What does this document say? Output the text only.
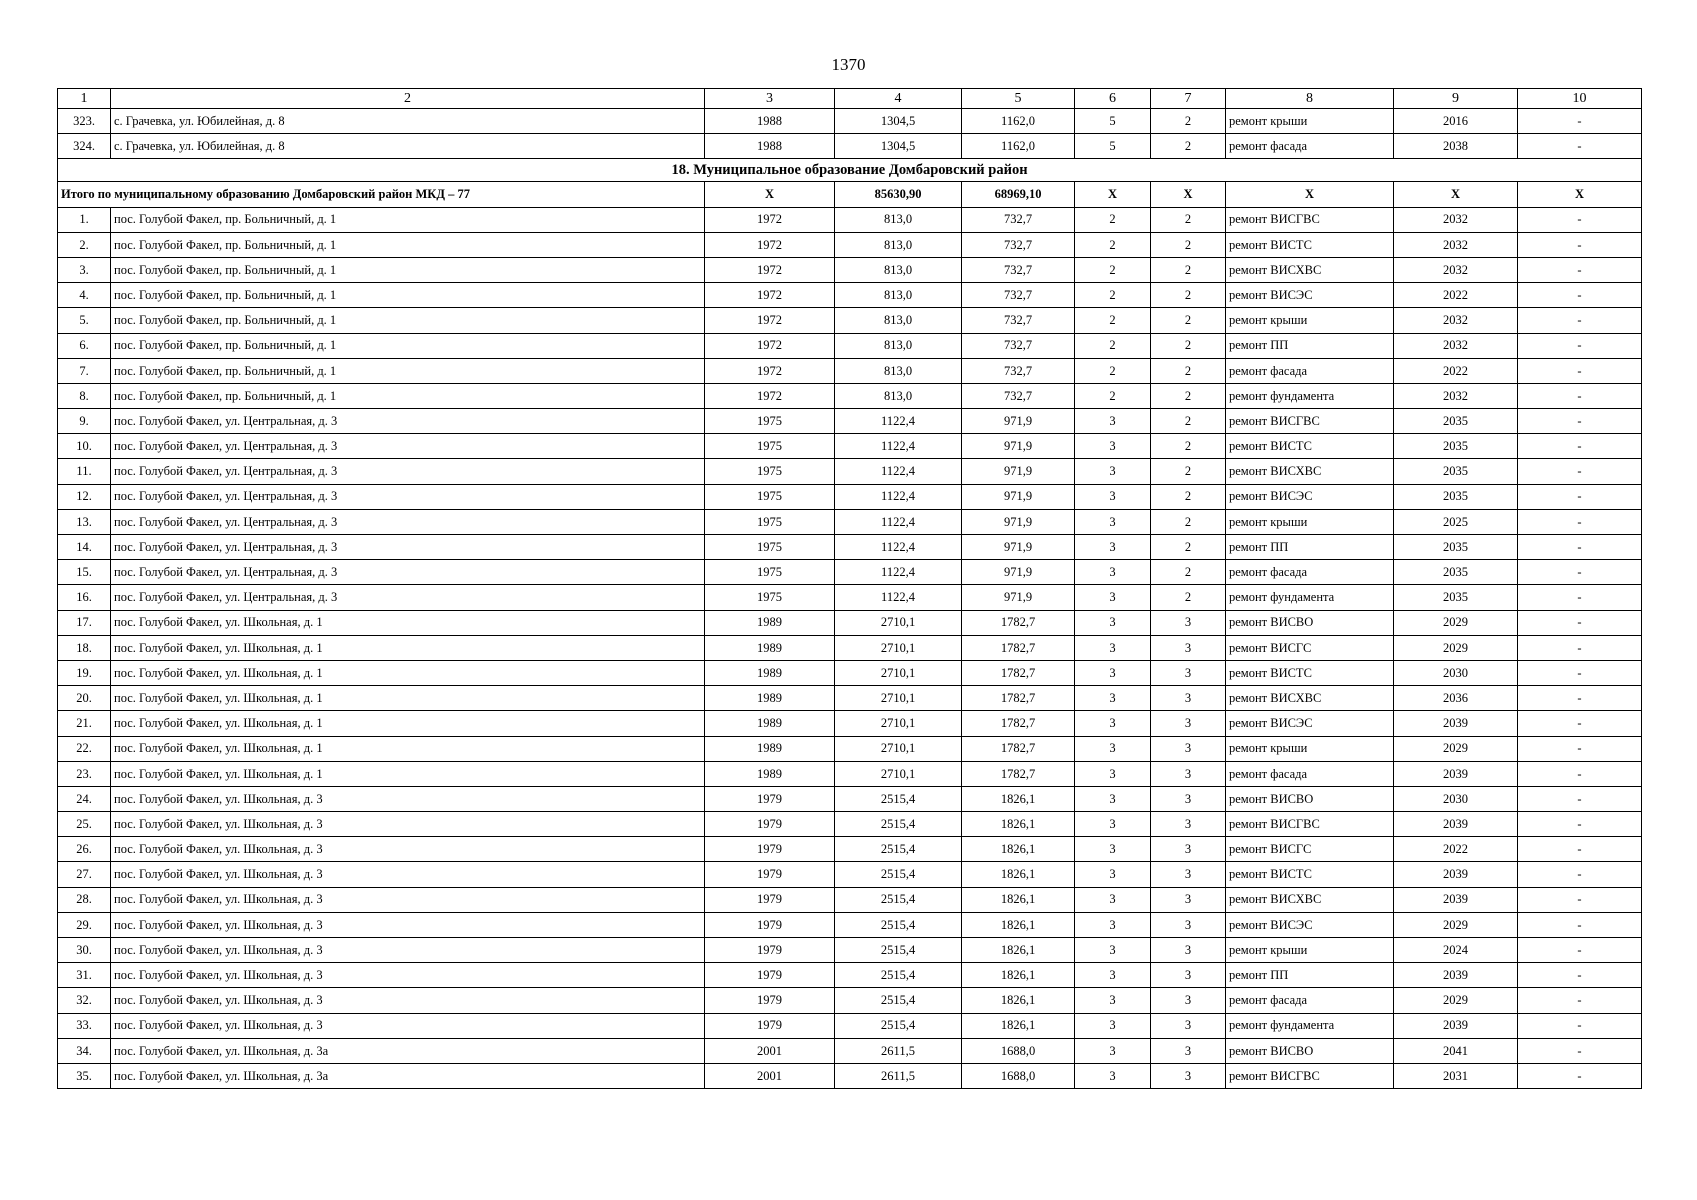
1370
1	2	3	4	5	6	7	8	9	10
323.	с. Грачевка, ул. Юбилейная, д. 8	1988	1304,5	1162,0	5	2	ремонт крыши	2016	-
324.	с. Грачевка, ул. Юбилейная, д. 8	1988	1304,5	1162,0	5	2	ремонт фасада	2038	-
18. Муниципальное образование Домбаровский район									
Итого по муниципальному образованию Домбаровский район МКД – 77		Х	85630,90	68969,10	Х	Х	Х	Х	Х
1.	пос. Голубой Факел, пр. Больничный, д. 1	1972	813,0	732,7	2	2	ремонт ВИСГВС	2032	-
2.	пос. Голубой Факел, пр. Больничный, д. 1	1972	813,0	732,7	2	2	ремонт ВИСТС	2032	-
3.	пос. Голубой Факел, пр. Больничный, д. 1	1972	813,0	732,7	2	2	ремонт ВИСХВС	2032	-
4.	пос. Голубой Факел, пр. Больничный, д. 1	1972	813,0	732,7	2	2	ремонт ВИСЭС	2022	-
5.	пос. Голубой Факел, пр. Больничный, д. 1	1972	813,0	732,7	2	2	ремонт крыши	2032	-
6.	пос. Голубой Факел, пр. Больничный, д. 1	1972	813,0	732,7	2	2	ремонт ПП	2032	-
7.	пос. Голубой Факел, пр. Больничный, д. 1	1972	813,0	732,7	2	2	ремонт фасада	2022	-
8.	пос. Голубой Факел, пр. Больничный, д. 1	1972	813,0	732,7	2	2	ремонт фундамента	2032	-
9.	пос. Голубой Факел, ул. Центральная, д. 3	1975	1122,4	971,9	3	2	ремонт ВИСГВС	2035	-
10.	пос. Голубой Факел, ул. Центральная, д. 3	1975	1122,4	971,9	3	2	ремонт ВИСТС	2035	-
11.	пос. Голубой Факел, ул. Центральная, д. 3	1975	1122,4	971,9	3	2	ремонт ВИСХВС	2035	-
12.	пос. Голубой Факел, ул. Центральная, д. 3	1975	1122,4	971,9	3	2	ремонт ВИСЭС	2035	-
13.	пос. Голубой Факел, ул. Центральная, д. 3	1975	1122,4	971,9	3	2	ремонт крыши	2025	-
14.	пос. Голубой Факел, ул. Центральная, д. 3	1975	1122,4	971,9	3	2	ремонт ПП	2035	-
15.	пос. Голубой Факел, ул. Центральная, д. 3	1975	1122,4	971,9	3	2	ремонт фасада	2035	-
16.	пос. Голубой Факел, ул. Центральная, д. 3	1975	1122,4	971,9	3	2	ремонт фундамента	2035	-
17.	пос. Голубой Факел, ул. Школьная, д. 1	1989	2710,1	1782,7	3	3	ремонт ВИСВО	2029	-
18.	пос. Голубой Факел, ул. Школьная, д. 1	1989	2710,1	1782,7	3	3	ремонт ВИСГС	2029	-
19.	пос. Голубой Факел, ул. Школьная, д. 1	1989	2710,1	1782,7	3	3	ремонт ВИСТС	2030	-
20.	пос. Голубой Факел, ул. Школьная, д. 1	1989	2710,1	1782,7	3	3	ремонт ВИСХВС	2036	-
21.	пос. Голубой Факел, ул. Школьная, д. 1	1989	2710,1	1782,7	3	3	ремонт ВИСЭС	2039	-
22.	пос. Голубой Факел, ул. Школьная, д. 1	1989	2710,1	1782,7	3	3	ремонт крыши	2029	-
23.	пос. Голубой Факел, ул. Школьная, д. 1	1989	2710,1	1782,7	3	3	ремонт фасада	2039	-
24.	пос. Голубой Факел, ул. Школьная, д. 3	1979	2515,4	1826,1	3	3	ремонт ВИСВО	2030	-
25.	пос. Голубой Факел, ул. Школьная, д. 3	1979	2515,4	1826,1	3	3	ремонт ВИСГВС	2039	-
26.	пос. Голубой Факел, ул. Школьная, д. 3	1979	2515,4	1826,1	3	3	ремонт ВИСГС	2022	-
27.	пос. Голубой Факел, ул. Школьная, д. 3	1979	2515,4	1826,1	3	3	ремонт ВИСТС	2039	-
28.	пос. Голубой Факел, ул. Школьная, д. 3	1979	2515,4	1826,1	3	3	ремонт ВИСХВС	2039	-
29.	пос. Голубой Факел, ул. Школьная, д. 3	1979	2515,4	1826,1	3	3	ремонт ВИСЭС	2029	-
30.	пос. Голубой Факел, ул. Школьная, д. 3	1979	2515,4	1826,1	3	3	ремонт крыши	2024	-
31.	пос. Голубой Факел, ул. Школьная, д. 3	1979	2515,4	1826,1	3	3	ремонт ПП	2039	-
32.	пос. Голубой Факел, ул. Школьная, д. 3	1979	2515,4	1826,1	3	3	ремонт фасада	2029	-
33.	пос. Голубой Факел, ул. Школьная, д. 3	1979	2515,4	1826,1	3	3	ремонт фундамента	2039	-
34.	пос. Голубой Факел, ул. Школьная, д. 3а	2001	2611,5	1688,0	3	3	ремонт ВИСВО	2041	-
35.	пос. Голубой Факел, ул. Школьная, д. 3а	2001	2611,5	1688,0	3	3	ремонт ВИСГВС	2031	-
